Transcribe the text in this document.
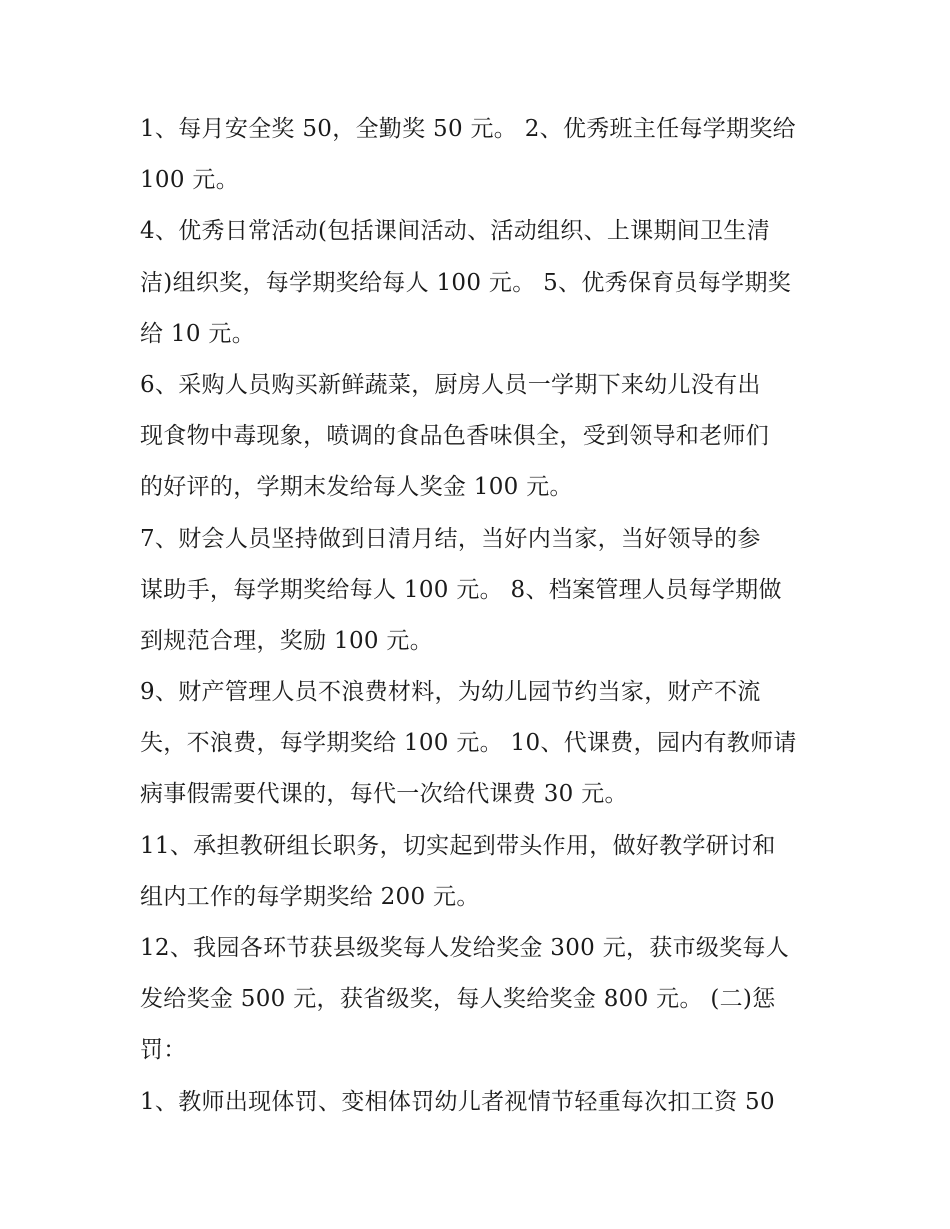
1、每月安全奖 50，全勤奖 50 元。 2、优秀班主任每学期奖给
100 元。
4、优秀日常活动(包括课间活动、活动组织、上课期间卫生清
洁)组织奖，每学期奖给每人 100 元。 5、优秀保育员每学期奖
给 10 元。
6、采购人员购买新鲜蔬菜，厨房人员一学期下来幼儿没有出
现食物中毒现象，喷调的食品色香味俱全，受到领导和老师们
的好评的，学期末发给每人奖金 100 元。
7、财会人员坚持做到日清月结，当好内当家，当好领导的参
谋助手，每学期奖给每人 100 元。 8、档案管理人员每学期做
到规范合理，奖励 100 元。
9、财产管理人员不浪费材料，为幼儿园节约当家，财产不流
失，不浪费，每学期奖给 100 元。 10、代课费，园内有教师请
病事假需要代课的，每代一次给代课费 30 元。
11、承担教研组长职务，切实起到带头作用，做好教学研讨和
组内工作的每学期奖给 200 元。
12、我园各环节获县级奖每人发给奖金 300 元，获市级奖每人
发给奖金 500 元，获省级奖，每人奖给奖金 800 元。 (二)惩
罚：
1、教师出现体罚、变相体罚幼儿者视情节轻重每次扣工资 50
